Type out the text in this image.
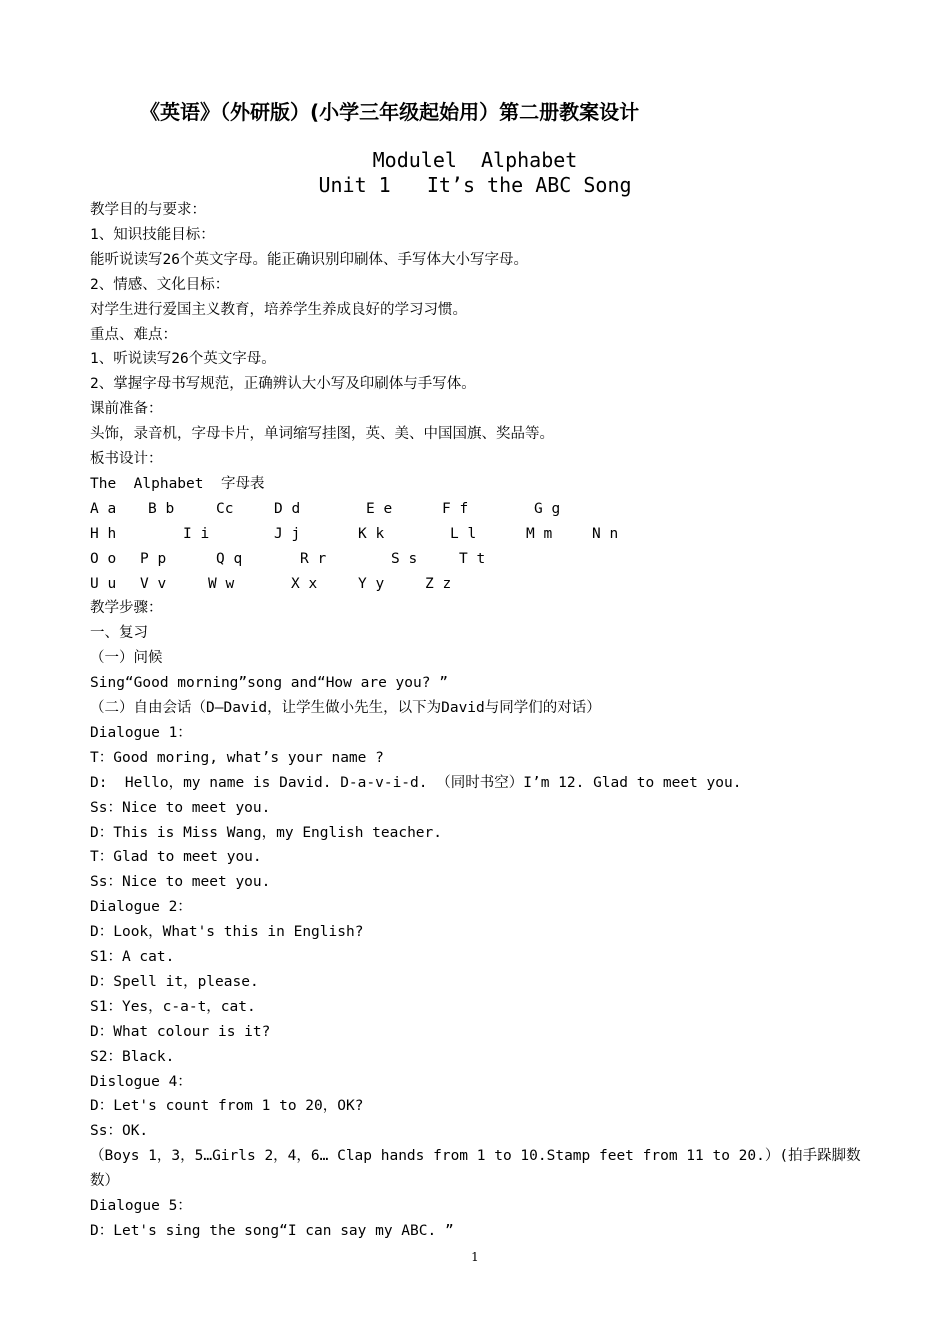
《英语》（外研版）(小学三年级起始用）第二册教案设计
Modulel  Alphabet
Unit 1   It’s the ABC Song
教学目的与要求：
1、知识技能目标：
能听说读写26个英文字母。能正确识别印刷体、手写体大小写字母。
2、情感、文化目标：
对学生进行爱国主义教育，培养学生养成良好的学习习惯。
重点、难点：
1、听说读写26个英文字母。
2、掌握字母书写规范，正确辨认大小写及印刷体与手写体。
课前准备：
头饰，录音机，字母卡片，单词缩写挂图，英、美、中国国旗、奖品等。
板书设计：
The  Alphabet  字母表
A a B b	Cc	D d	E e	F f	G g
H h	I i	J j	K k	L l	M m	N n
O o P p	Q q	R r	S s	T t
U u V v	W w	X x	Y y	Z z
教学步骤：
一、复习
（一）问候
Sing“Good morning”song and“How are you? ”
（二）自由会话（D—David，让学生做小先生，以下为David与同学们的对话）
Dialogue 1：
T：Good moring, what’s your name ?
D:  Hello，my name is David. D-a-v-i-d. （同时书空）I’m 12. Glad to meet you.
Ss：Nice to meet you.
D：This is Miss Wang，my English teacher.
T：Glad to meet you.
Ss：Nice to meet you.
Dialogue 2：
D：Look，What's this in English?
S1：A cat.
D：Spell it，please.
S1：Yes，c-a-t，cat.
D：What colour is it?
S2：Black.
Dislogue 4：
D：Let's count from 1 to 20，OK?
Ss：OK.
（Boys 1，3，5…Girls 2，4，6… Clap hands from 1 to 10.Stamp feet from 11 to 20.）(拍手跺脚数
数）
Dialogue 5：
D：Let's sing the song“I can say my ABC. ”
1
